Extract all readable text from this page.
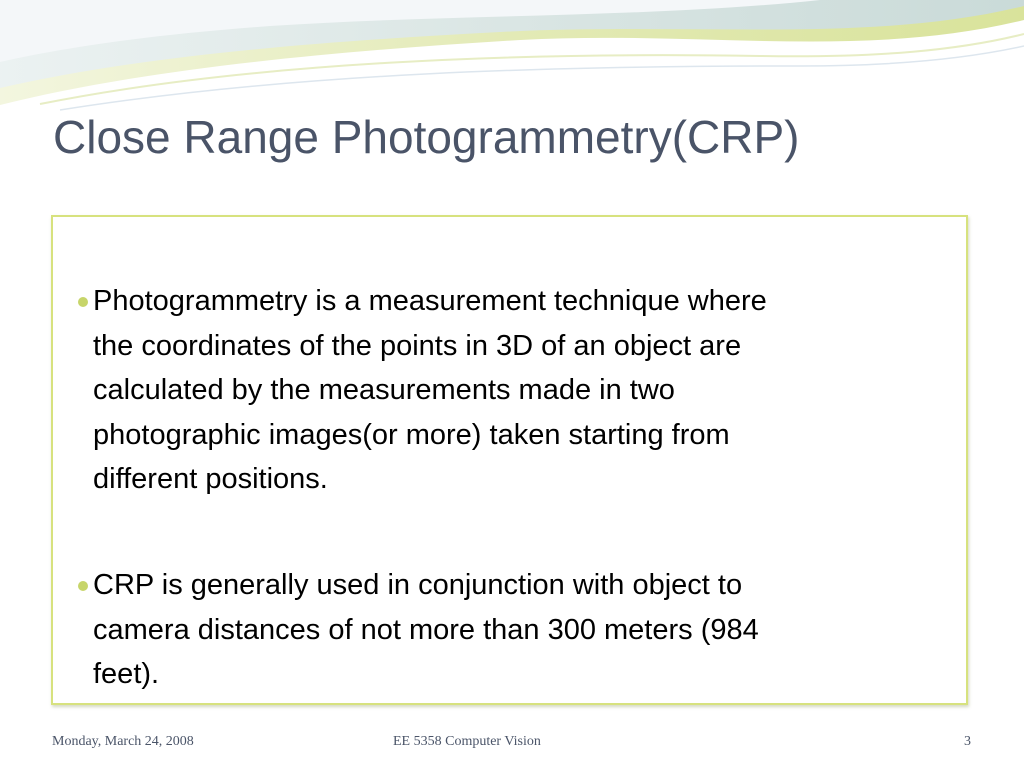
Close Range Photogrammetry(CRP)
Photogrammetry is a measurement technique where
the coordinates of the points in 3D of an object are
calculated by the measurements made in two
photographic images(or more) taken starting from
different positions.
CRP is generally used in conjunction with object to
camera distances of not more than 300 meters (984
feet).
Monday, March 24, 2008	EE 5358 Computer Vision	3
